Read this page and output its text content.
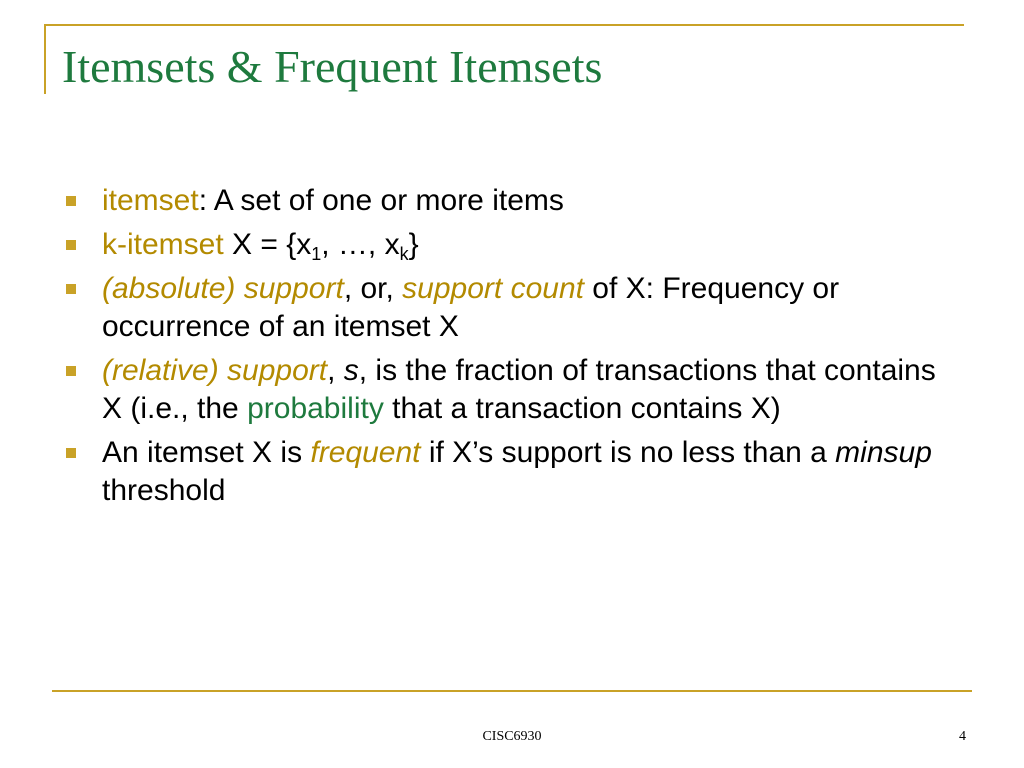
Itemsets & Frequent Itemsets
itemset: A set of one or more items
k-itemset $X = \{x_1$, …, $x_k$}
(absolute) support, or, support count of X: Frequency or occurrence of an itemset X
(relative) support, s, is the fraction of transactions that contains X (i.e., the probability that a transaction contains X)
An itemset X is frequent if X’s support is no less than a minsup threshold
CISC6930	4
